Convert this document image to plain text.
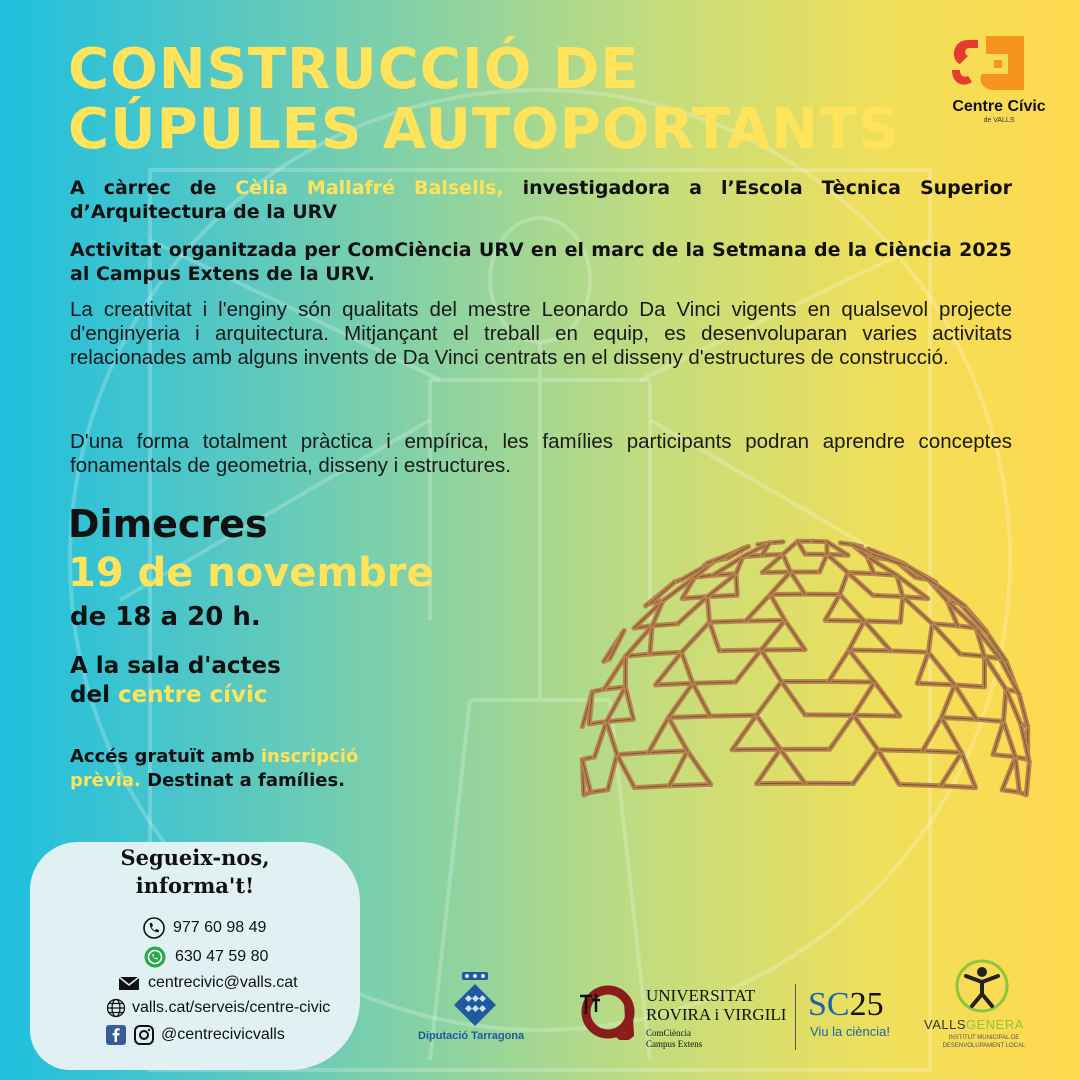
CONSTRUCCIÓ DE
CÚPULES AUTOPORTANTS	Centre Cívic
de VALLS
A càrrec de Cèlia Mallafré Balsells, investigadora a l’Escola Tècnica Superior d’Arquitectura de la URV
Activitat organitzada per ComCiència URV en el marc de la Setmana de la Ciència 2025 al Campus Extens de la URV.
La creativitat i l'enginy són qualitats del mestre Leonardo Da Vinci vigents en qualsevol projecte d'enginyeria i arquitectura. Mitjançant el treball en equip, es desenvoluparan varies activitats relacionades amb alguns invents de Da Vinci centrats en el disseny d'estructures de construcció.
D'una forma totalment pràctica i empírica, les famílies participants podran aprendre conceptes fonamentals de geometria, disseny i estructures.
Dimecres
19 de novembre
de 18 a 20 h.
A la sala d'actes
del centre cívic
Accés gratuït amb inscripció prèvia. Destinat a famílies.
Segueix-nos,
informa't!
977 60 98 49
630 47 59 80
centrecivic@valls.cat
valls.cat/serveis/centre-civic
@centrecivicvalls	Diputació Tarragona
UNIVERSITAT
ROVIRA i VIRGILI
ComCiència
Campus Extens
SC25
Viu la ciència!	VALLSGENERA
INSTITUT MUNICIPAL DE DESENVOLUPAMENT LOCAL
